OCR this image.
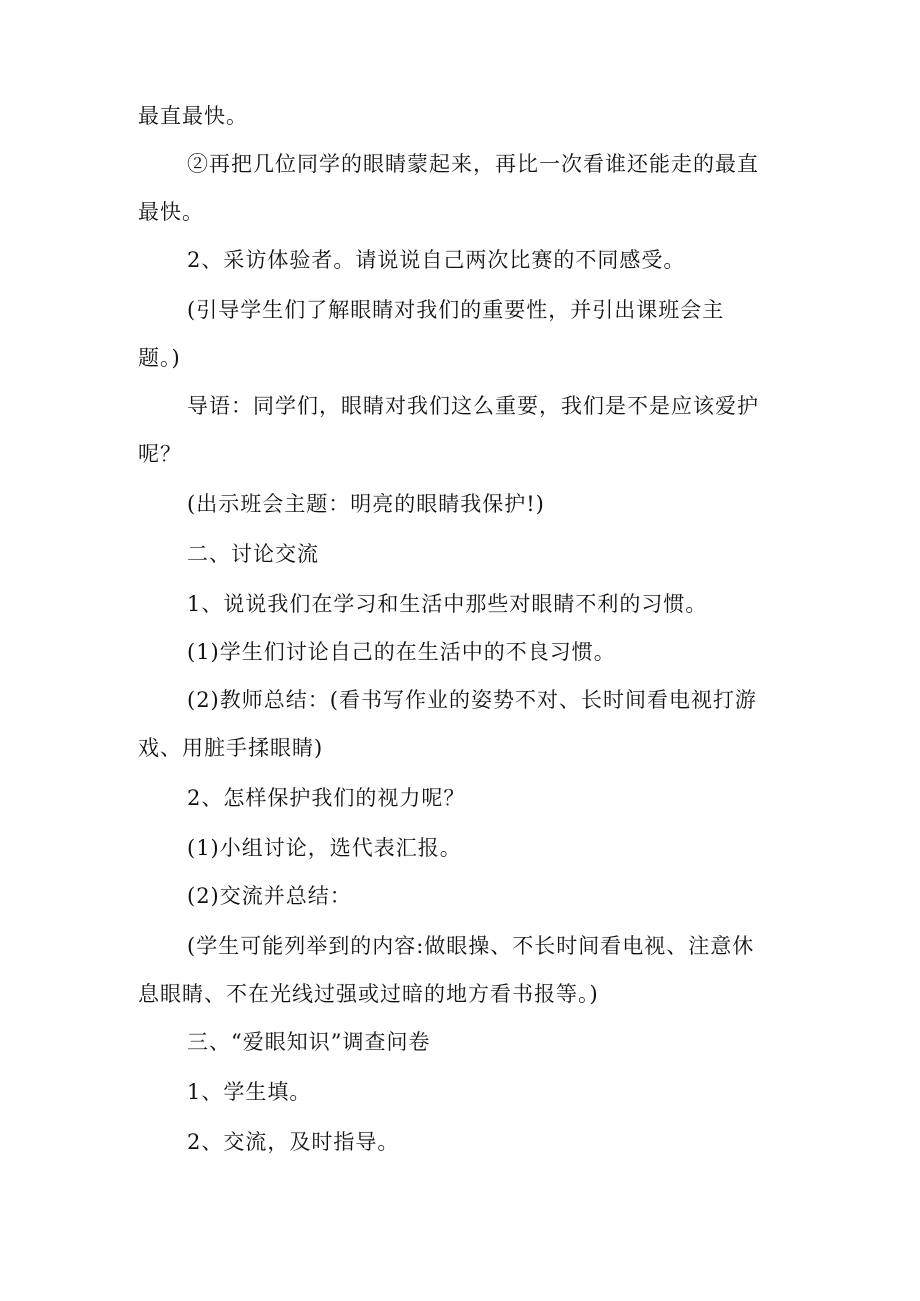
最直最快。
②再把几位同学的眼睛蒙起来，再比一次看谁还能走的最直
最快。
2、采访体验者。请说说自己两次比赛的不同感受。
(引导学生们了解眼睛对我们的重要性，并引出课班会主
题。)
导语：同学们，眼睛对我们这么重要，我们是不是应该爱护
呢？
(出示班会主题：明亮的眼睛我保护!)
二、讨论交流
1、说说我们在学习和生活中那些对眼睛不利的习惯。
(1)学生们讨论自己的在生活中的不良习惯。
(2)教师总结：(看书写作业的姿势不对、长时间看电视打游
戏、用脏手揉眼睛)
2、怎样保护我们的视力呢？
(1)小组讨论，选代表汇报。
(2)交流并总结：
(学生可能列举到的内容:做眼操、不长时间看电视、注意休
息眼睛、不在光线过强或过暗的地方看书报等。)
三、“爱眼知识”调查问卷
1、学生填。
2、交流，及时指导。
